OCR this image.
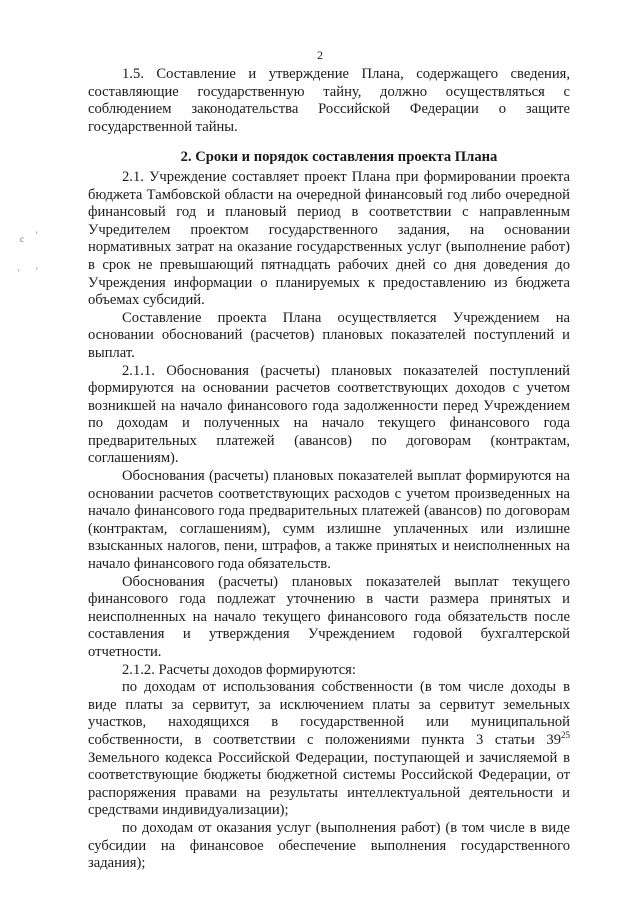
2
c '
' '

1.5. Составление и утверждение Плана, содержащего сведения, составляющие государственную тайну, должно осуществляться с соблюдением законодательства Российской Федерации о защите государственной тайны.

2. Сроки и порядок составления проекта Плана

2.1. Учреждение составляет проект Плана при формировании проекта бюджета Тамбовской области на очередной финансовый год либо очередной финансовый год и плановый период в соответствии с направленным Учредителем проектом государственного задания, на основании нормативных затрат на оказание государственных услуг (выполнение работ) в срок не превышающий пятнадцать рабочих дней со дня доведения до Учреждения информации о планируемых к предоставлению из бюджета объемах субсидий.

Составление проекта Плана осуществляется Учреждением на основании обоснований (расчетов) плановых показателей поступлений и выплат.

2.1.1. Обоснования (расчеты) плановых показателей поступлений формируются на основании расчетов соответствующих доходов с учетом возникшей на начало финансового года задолженности перед Учреждением по доходам и полученных на начало текущего финансового года предварительных платежей (авансов) по договорам (контрактам, соглашениям).

Обоснования (расчеты) плановых показателей выплат формируются на основании расчетов соответствующих расходов с учетом произведенных на начало финансового года предварительных платежей (авансов) по договорам (контрактам, соглашениям), сумм излишне уплаченных или излишне взысканных налогов, пени, штрафов, а также принятых и неисполненных на начало финансового года обязательств.

Обоснования (расчеты) плановых показателей выплат текущего финансового года подлежат уточнению в части размера принятых и неисполненных на начало текущего финансового года обязательств после составления и утверждения Учреждением годовой бухгалтерской отчетности.

2.1.2. Расчеты доходов формируются:

по доходам от использования собственности (в том числе доходы в виде платы за сервитут, за исключением платы за сервитут земельных участков, находящихся в государственной или муниципальной собственности, в соответствии с положениями пункта 3 статьи $39^{25}$ Земельного кодекса Российской Федерации, поступающей и зачисляемой в соответствующие бюджеты бюджетной системы Российской Федерации, от распоряжения правами на результаты интеллектуальной деятельности и средствами индивидуализации);

по доходам от оказания услуг (выполнения работ) (в том числе в виде субсидии на финансовое обеспечение выполнения государственного задания);
